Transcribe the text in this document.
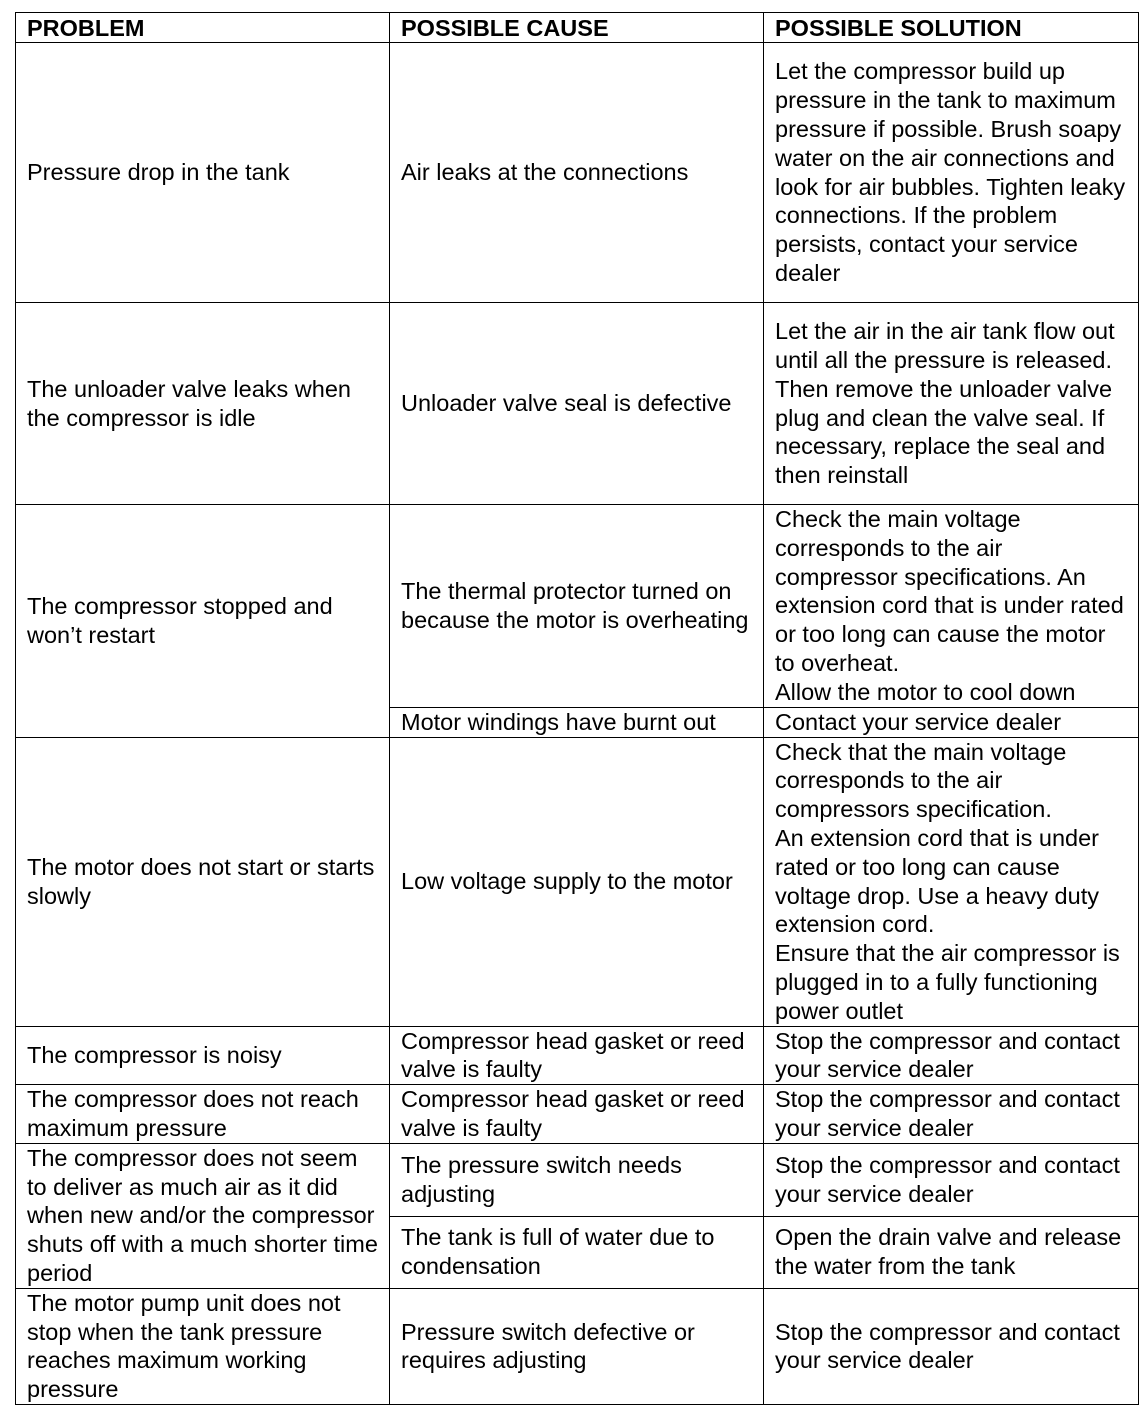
PROBLEM	POSSIBLE CAUSE	POSSIBLE SOLUTION
Pressure drop in the tank	Air leaks at the connections	Let the compressor build up pressure in the tank to maximum pressure if possible. Brush soapy water on the air connections and look for air bubbles. Tighten leaky connections. If the problem persists, contact your service dealer
The unloader valve leaks when the compressor is idle	Unloader valve seal is defective	Let the air in the air tank flow out until all the pressure is released. Then remove the unloader valve plug and clean the valve seal. If necessary, replace the seal and then reinstall
The compressor stopped and won’t restart	The thermal protector turned on because the motor is overheating	Check the main voltage corresponds to the air compressor specifications. An extension cord that is under rated or too long can cause the motor to overheat.
Allow the motor to cool down
	Motor windings have burnt out	Contact your service dealer
The motor does not start or starts slowly	Low voltage supply to the motor	Check that the main voltage corresponds to the air compressors specification.
An extension cord that is under rated or too long can cause voltage drop. Use a heavy duty extension cord.
Ensure that the air compressor is plugged in to a fully functioning power outlet
The compressor is noisy	Compressor head gasket or reed valve is faulty	Stop the compressor and contact your service dealer
The compressor does not reach maximum pressure	Compressor head gasket or reed valve is faulty	Stop the compressor and contact your service dealer
The compressor does not seem to deliver as much air as it did when new and/or the compressor shuts off with a much shorter time period	The pressure switch needs adjusting	Stop the compressor and contact your service dealer
	The tank is full of water due to condensation	Open the drain valve and release the water from the tank
The motor pump unit does not stop when the tank pressure reaches maximum working pressure	Pressure switch defective or requires adjusting	Stop the compressor and contact your service dealer
